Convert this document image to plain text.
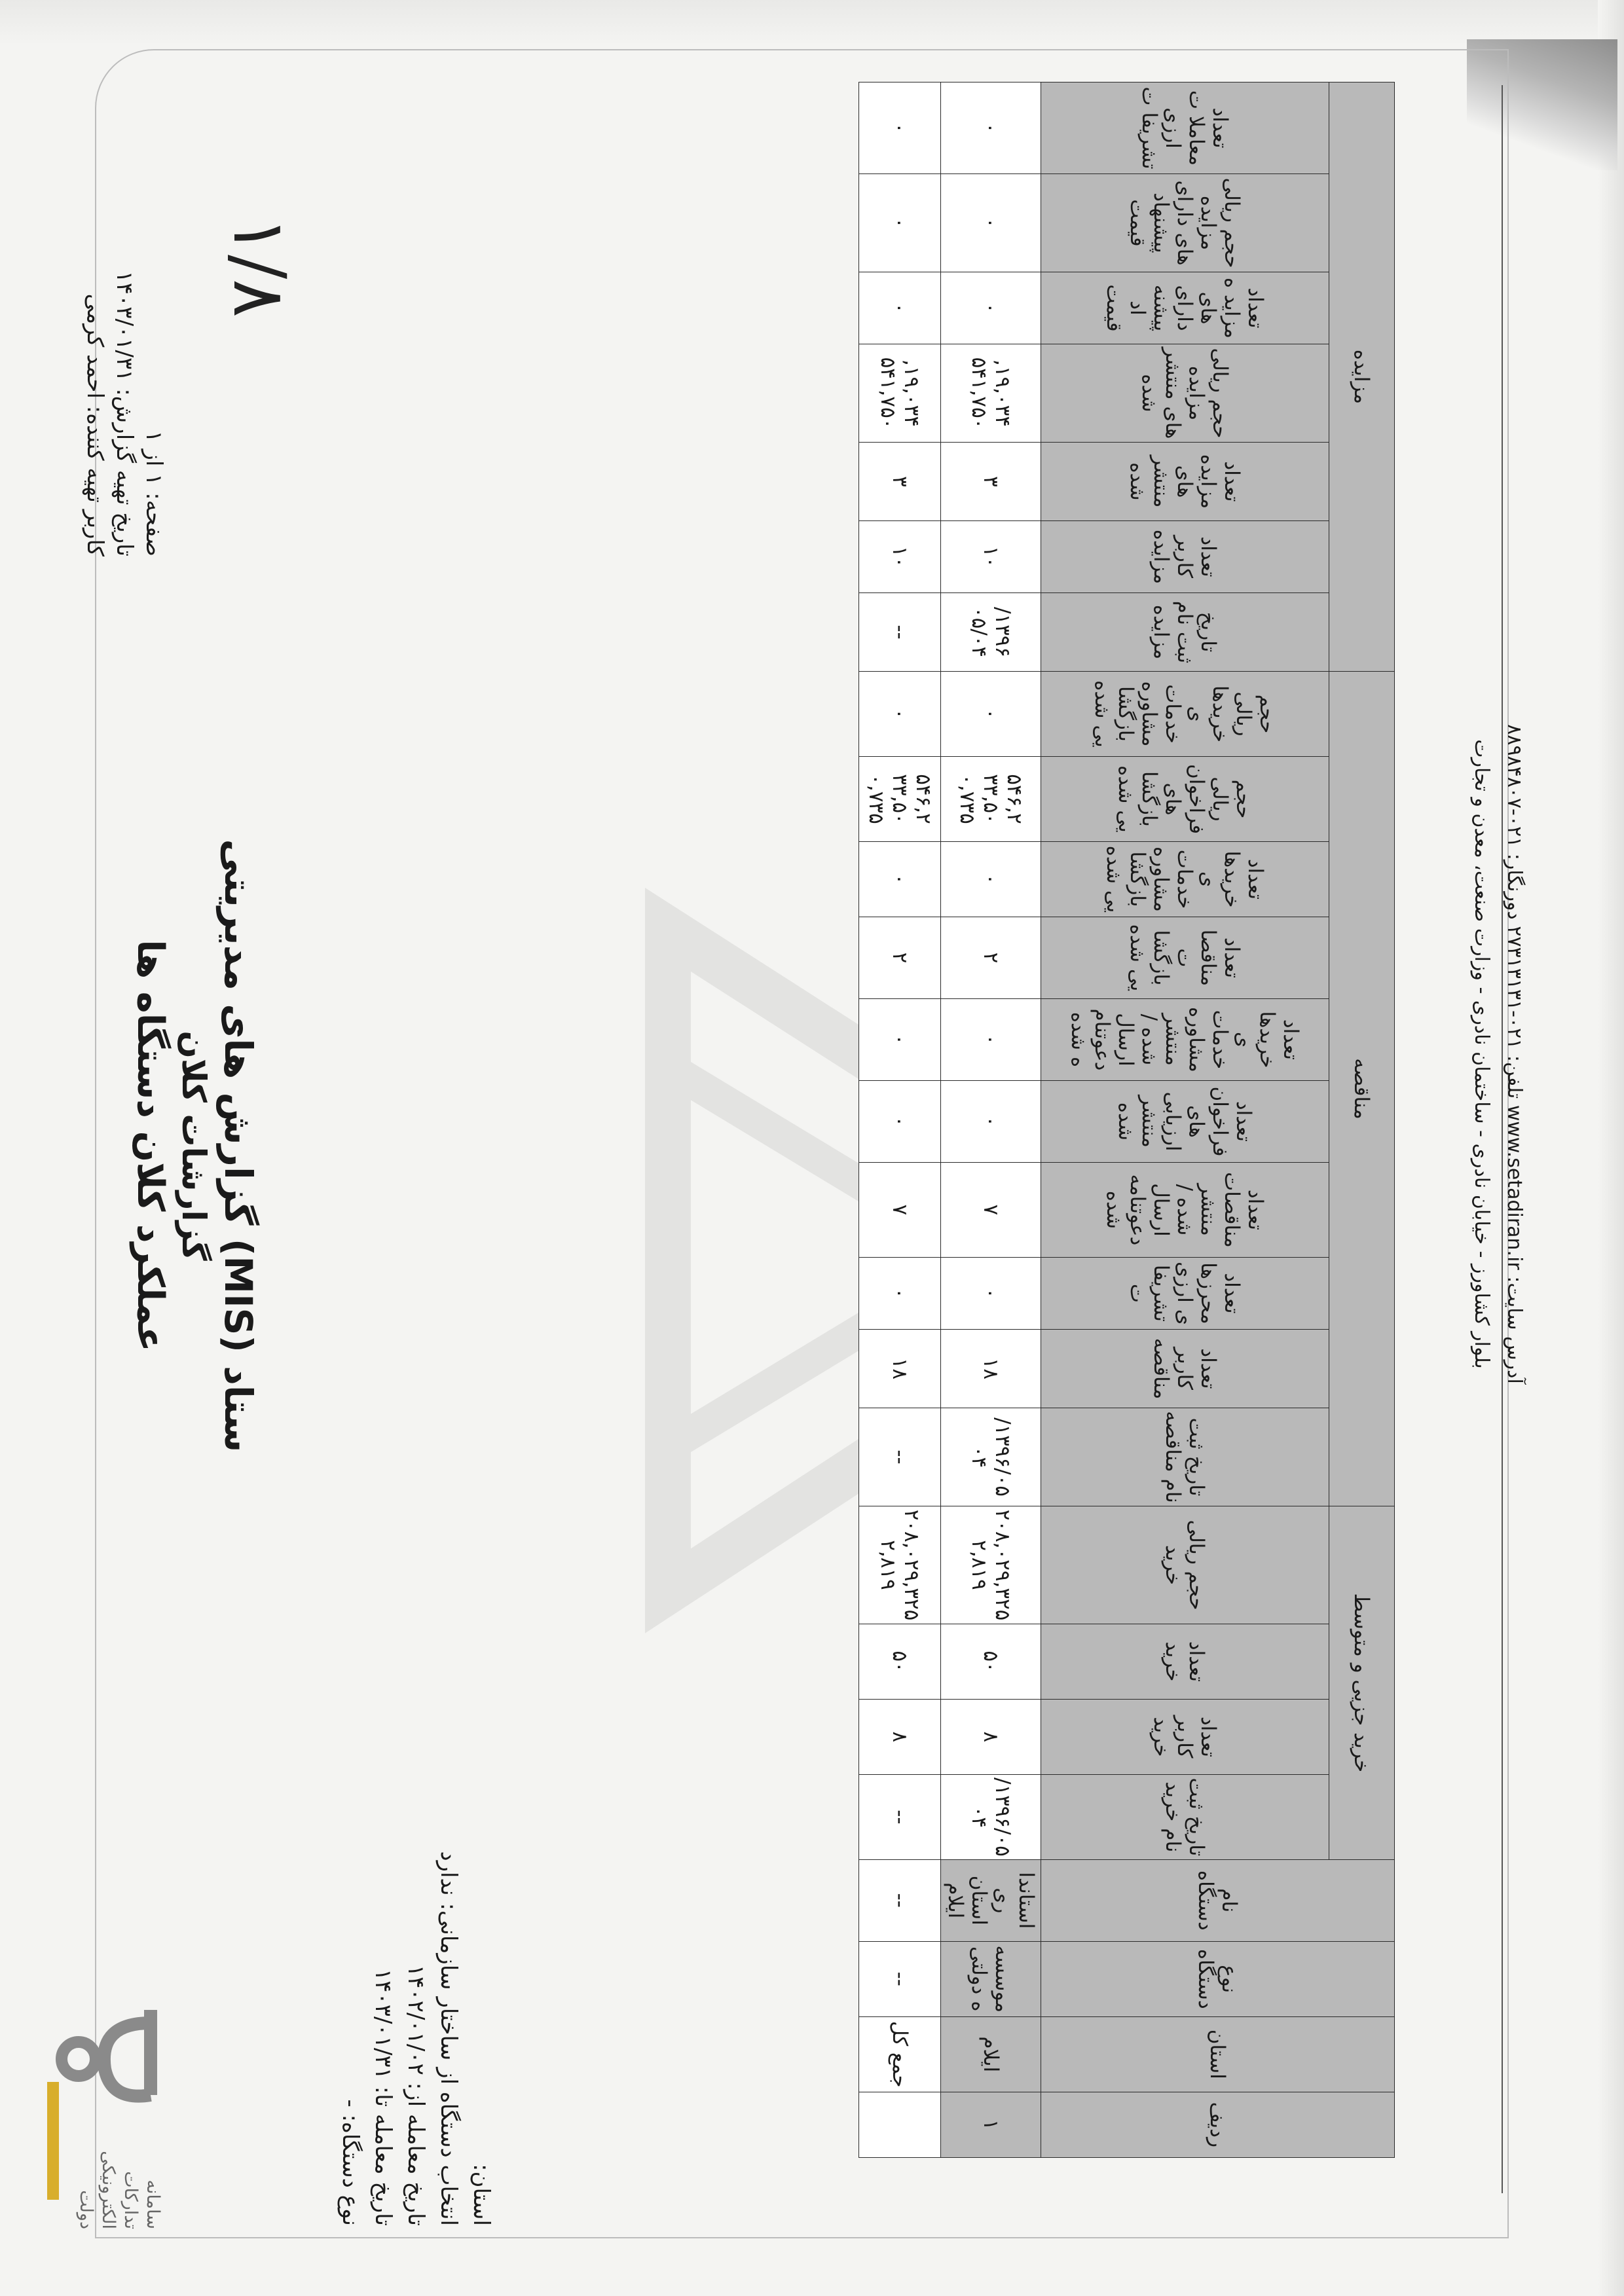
سامانه
تدارکات
الکترونیکی
دولت
گزارش های مدیریتی (MIS) ستاد
گزارشات کلان
عملکرد کلان دستگاه ها
صفحه: ۱ از ۱
تاریخ تهیه گزارش: ۱۴۰۳/۰۱/۳۱
کاربر تهیه کننده: احمد کرمی
۱/۸
استان:
انتخاب دستگاه از ساختار سازمانی: ندارد
تاریخ معامله از: ۱۴۰۲/۰۱/۰۲
تاریخ معامله تا: ۱۴۰۳/۰۱/۳۱
نوع دستگاه: -	ردیف	استان	نوع دستگاه	نام دستگاه	خرید جزیی و متوسط				مناقصه										مزایده						
				تاریخ ثبت نام خرید	تعداد کاربر خرید	تعداد خرید	حجم ریالی خرید	تاریخ ثبت نام مناقصه	تعداد کاربر مناقصه	تعداد محرزها ی ارزی تشریفا ت	تعداد مناقصات منتشر شده /ارسال دعوتنامه شده	تعداد فراخوان های ارزیابی منتشر شده	تعداد خریدها ی خدمات مشاوره منتشر شده / ارسال دعوتنام ه شده	تعداد مناقصا ت بازگشا یی شده	تعداد خریدها ی خدمات مشاوره بازگشا یی شده	حجم ریالی فراخوان های بازگشا یی شده	حجم ریالی خریدها ی خدمات مشاوره بازگشا یی شده	تاریخ ثبت نام مزایده	تعداد کاربر مزایده	تعداد مزایده های منتشر شده	حجم ریالی مزایده های منتشر شده	تعداد مزاید ه های دارای پیشنه اد قیمت	حجم ریالی مزایده های دارای پیشنهاد قیمت	تعداد معاملا ت ارزی تشریفا ت
۱	ایلام	موسسه ه دولتی	استاندا ری استان ایلام	۱۳۹۶/۰۵/ ۰۴	۸	۵۰	۲۰۸,۰۲۹,۳۲۵ ۲,۸۱۹	۱۳۹۶/۰۵/ ۰۴	۱۸	۰	۷	۰	۰	۲	۰	۵۴۶,۲ ۳۳,۵۰ ۰,۷۳۵	۰	۱۳۹۶/ ۰۵/۰۴	۱۰	۳	۱۹,۰۳۴, ۵۴۱,۷۵۰	۰	۰	۰
	جمع کل	--	--	--	۸	۵۰	۲۰۸,۰۲۹,۳۲۵ ۲,۸۱۹	--	۱۸	۰	۷	۰	۰	۲	۰	۵۴۶,۲ ۳۳,۵۰ ۰,۷۳۵	۰	--	۱۰	۳	۱۹,۰۳۴, ۵۴۱,۷۵۰	۰	۰	۰
آدرس سایت: www.setadiran.ir تلفن: ۰۲۱-۲۷۳۱۳۱۳۱ دورنگار: ۰۲۱-۸۸۹۸۴۸۰۷
بلوار کشاورز - خیابان نادری - ساختمان نادری - وزارت صنعت، معدن و تجارت
